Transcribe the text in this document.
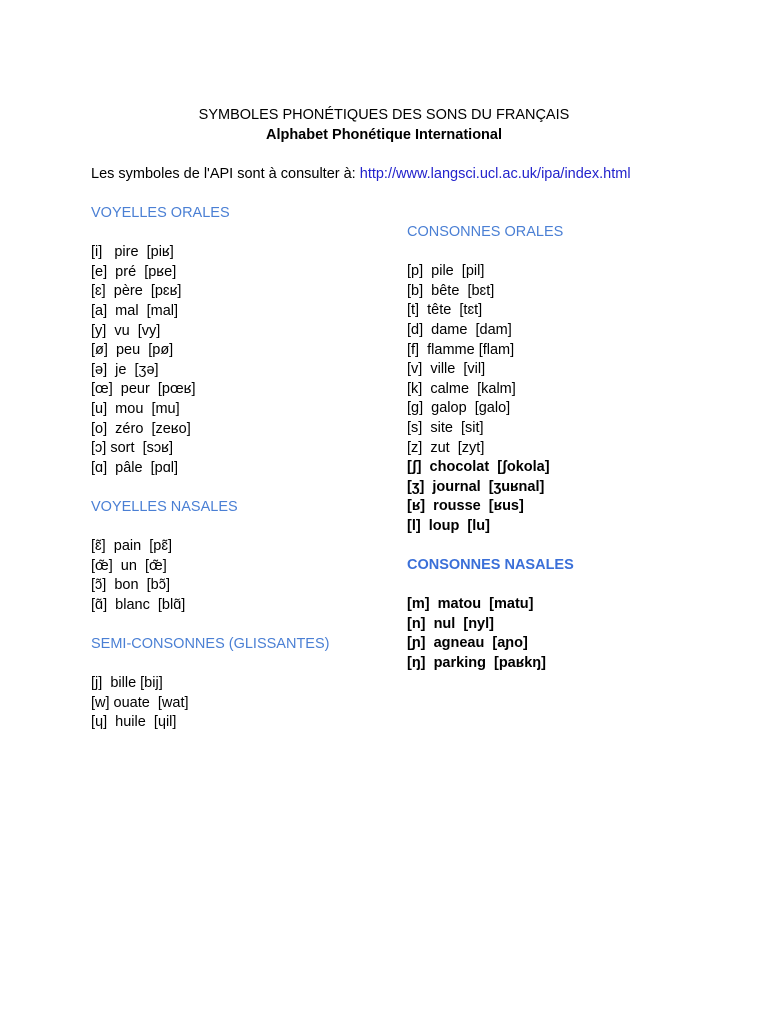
SYMBOLES PHONÉTIQUES DES SONS DU FRANÇAIS
Alphabet Phonétique International
Les symboles de l'API sont à consulter à: http://www.langsci.ucl.ac.uk/ipa/index.html
VOYELLES ORALES
[i]   pire  [piʁ]
[e]  pré  [pʁe]
[ɛ]  père  [pɛʁ]
[a]  mal  [mal]
[y]  vu  [vy]
[ø]  peu  [pø]
[ə]  je  [ʒə]
[œ]  peur  [pœʁ]
[u]  mou  [mu]
[o]  zéro  [zeʁo]
[ɔ] sort  [sɔʁ]
[ɑ]  pâle  [pɑl]
VOYELLES NASALES
[ɛ̃]  pain  [pɛ̃]
[œ̃]  un  [œ̃]
[ɔ̃]  bon  [bɔ̃]
[ɑ̃]  blanc  [blɑ̃]
SEMI-CONSONNES (GLISSANTES)
[j]  bille [bij]
[w] ouate  [wat]
[ɥ]  huile  [ɥil]
CONSONNES ORALES
[p]  pile  [pil]
[b]  bête  [bɛt]
[t]  tête  [tɛt]
[d]  dame  [dam]
[f]  flamme [flam]
[v]  ville  [vil]
[k]  calme  [kalm]
[g]  galop  [galo]
[s]  site  [sit]
[z]  zut  [zyt]
[ʃ]  chocolat  [ʃokola]
[ʒ]  journal  [ʒuʁnal]
[ʁ]  rousse  [ʁus]
[l]  loup  [lu]
CONSONNES NASALES
[m]  matou  [matu]
[n]  nul  [nyl]
[ɲ]  agneau  [aɲo]
[ŋ]  parking  [paʁkŋ]
